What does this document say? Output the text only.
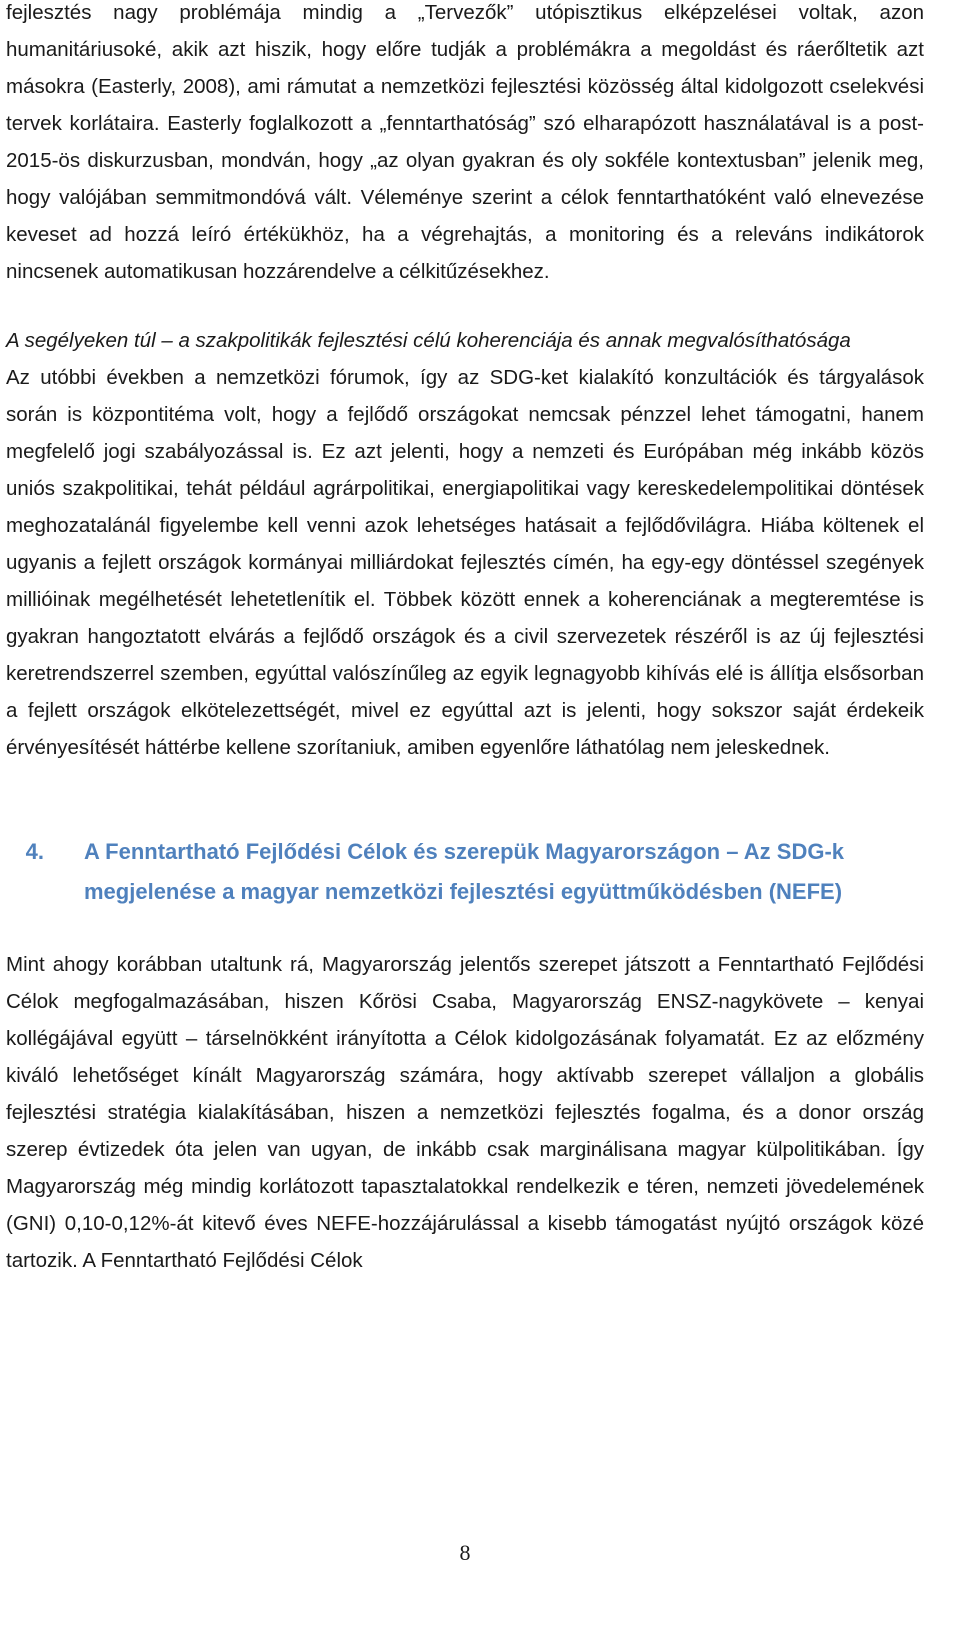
fejlesztés nagy problémája mindig a „Tervezők” utópisztikus elképzelései voltak, azon humanitáriusoké, akik azt hiszik, hogy előre tudják a problémákra a megoldást és ráerőltetik azt másokra (Easterly, 2008), ami rámutat a nemzetközi fejlesztési közösség által kidolgozott cselekvési tervek korlátaira. Easterly foglalkozott a „fenntarthatóság” szó elharapózott használatával is a post-2015-ös diskurzusban, mondván, hogy „az olyan gyakran és oly sokféle kontextusban” jelenik meg, hogy valójában semmitmondóvá vált. Véleménye szerint a célok fenntarthatóként való elnevezése keveset ad hozzá leíró értékükhöz, ha a végrehajtás, a monitoring és a releváns indikátorok nincsenek automatikusan hozzárendelve a célkitűzésekhez.

A segélyeken túl – a szakpolitikák fejlesztési célú koherenciája és annak megvalósíthatósága

Az utóbbi években a nemzetközi fórumok, így az SDG-ket kialakító konzultációk és tárgyalások során is központitéma volt, hogy a fejlődő országokat nemcsak pénzzel lehet támogatni, hanem megfelelő jogi szabályozással is. Ez azt jelenti, hogy a nemzeti és Európában még inkább közös uniós szakpolitikai, tehát például agrárpolitikai, energiapolitikai vagy kereskedelempolitikai döntések meghozatalánál figyelembe kell venni azok lehetséges hatásait a fejlődővilágra. Hiába költenek el ugyanis a fejlett országok kormányai milliárdokat fejlesztés címén, ha egy-egy döntéssel szegények millióinak megélhetését lehetetlenítik el. Többek között ennek a koherenciának a megteremtése is gyakran hangoztatott elvárás a fejlődő országok és a civil szervezetek részéről is az új fejlesztési keretrendszerrel szemben, egyúttal valószínűleg az egyik legnagyobb kihívás elé is állítja elsősorban a fejlett országok elkötelezettségét, mivel ez egyúttal azt is jelenti, hogy sokszor saját érdekeik érvényesítését háttérbe kellene szorítaniuk, amiben egyenlőre láthatólag nem jeleskednek.

4.	A Fenntartható Fejlődési Célok és szerepük Magyarországon – Az SDG-k megjelenése a magyar nemzetközi fejlesztési együttműködésben (NEFE)

Mint ahogy korábban utaltunk rá, Magyarország jelentős szerepet játszott a Fenntartható Fejlődési Célok megfogalmazásában, hiszen Kőrösi Csaba, Magyarország ENSZ-nagykövete – kenyai kollégájával együtt – társelnökként irányította a Célok kidolgozásának folyamatát. Ez az előzmény kiváló lehetőséget kínált Magyarország számára, hogy aktívabb szerepet vállaljon a globális fejlesztési stratégia kialakításában, hiszen a nemzetközi fejlesztés fogalma, és a donor ország szerep évtizedek óta jelen van ugyan, de inkább csak marginálisana magyar külpolitikában. Így Magyarország még mindig korlátozott tapasztalatokkal rendelkezik e téren, nemzeti jövedelemének (GNI) 0,10-0,12%-át kitevő éves NEFE-hozzájárulással a kisebb támogatást nyújtó országok közé tartozik. A Fenntartható Fejlődési Célok

8
